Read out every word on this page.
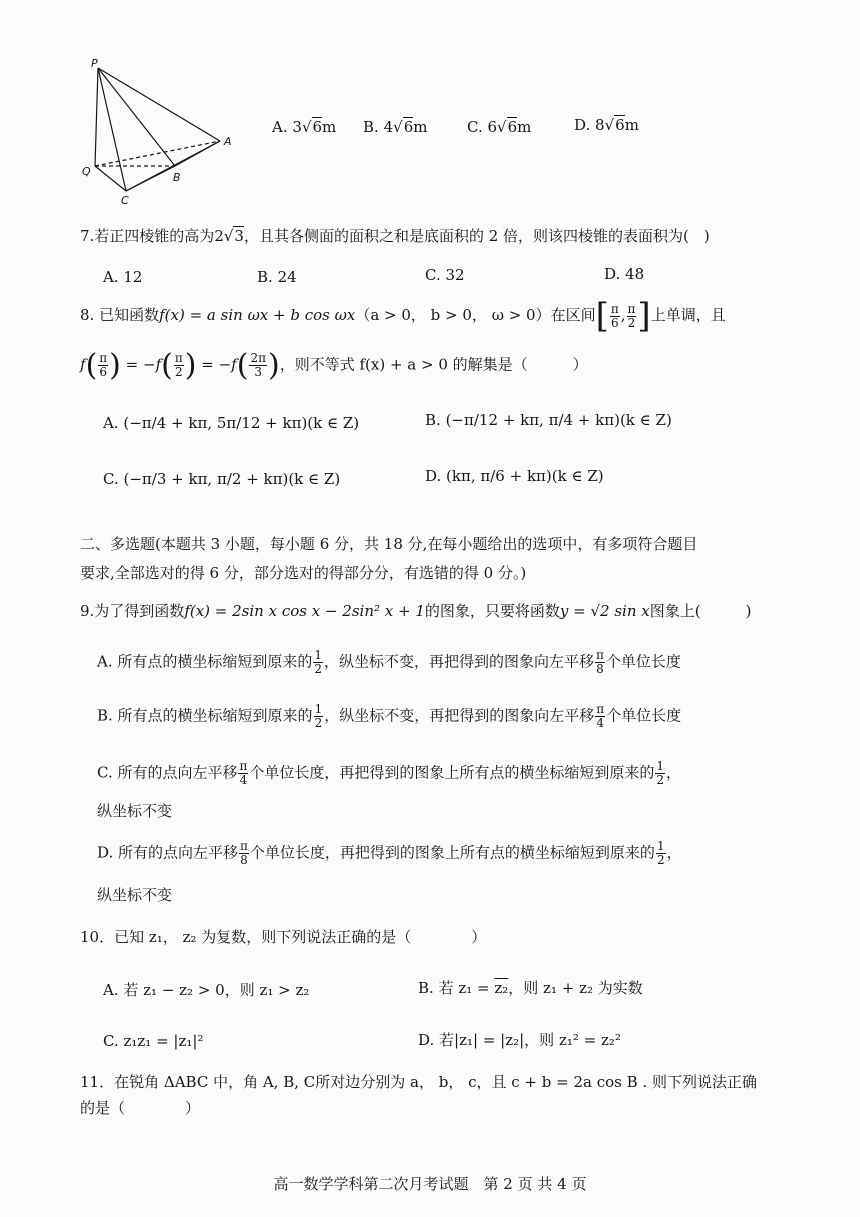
P
Q
A
B
C
A. 3√6m B. 4√6m	C. 6√6m	D. 8√6m
7.若正四棱锥的高为2√3，且其各侧面的面积之和是底面积的 2 倍，则该四棱锥的表面积为(　)
A. 12	B. 24	C. 32	D. 48
8. 已知函数f(x) = a sin ωx + b cos ωx（a > 0， b > 0， ω > 0）在区间[ $\frac{\pi}{6}$ , $\frac{\pi}{2}$ ]上单调，且
$f( \frac{\pi}{6}$ ) = $-f( \frac{\pi}{2}$ ) = $-f( \frac{2\pi}{3}$ )，则不等式 f(x) + a > 0 的解集是（　　　）
A. (−π/4 + kπ, 5π/12 + kπ)(k ∈ Z)	B. (−π/12 + kπ, π/4 + kπ)(k ∈ Z)
C. (−π/3 + kπ, π/2 + kπ)(k ∈ Z)	D. (kπ, π/6 + kπ)(k ∈ Z)
二、多选题(本题共 3 小题，每小题 6 分，共 18 分,在每小题给出的选项中，有多项符合题目
要求,全部选对的得 6 分，部分选对的得部分分，有选错的得 0 分。)
9.为了得到函数f(x) = 2sin x cos x − 2sin² x + 1的图象，只要将函数y = √2 sin x图象上(　　　)
A. 所有点的横坐标缩短到原来的 $\frac{1}{2}$ ，纵坐标不变，再把得到的图象向左平移 $\frac{\pi}{8}$ 个单位长度
B. 所有点的横坐标缩短到原来的 $\frac{1}{2}$ ，纵坐标不变，再把得到的图象向左平移 $\frac{\pi}{4}$ 个单位长度
C. 所有的点向左平移 $\frac{\pi}{4}$ 个单位长度，再把得到的图象上所有点的横坐标缩短到原来的 $\frac{1}{2}$ ，
纵坐标不变
D. 所有的点向左平移 $\frac{\pi}{8}$ 个单位长度，再把得到的图象上所有点的横坐标缩短到原来的 $\frac{1}{2}$ ，
纵坐标不变
10．已知 z₁， z₂ 为复数，则下列说法正确的是（　　　　）
A. 若 z₁ − z₂ > 0，则 z₁ > z₂	B. 若 z₁ = z₂，则 z₁ + z₂ 为实数
C. z₁z₁ = |z₁|²	D. 若|z₁| = |z₂|，则 z₁² = z₂²
11．在锐角 ΔABC 中，角 A, B, C所对边分别为 a， b， c，且 c + b = 2a cos B . 则下列说法正确
的是（　　　　）
高一数学学科第二次月考试题　第 2 页 共 4 页
